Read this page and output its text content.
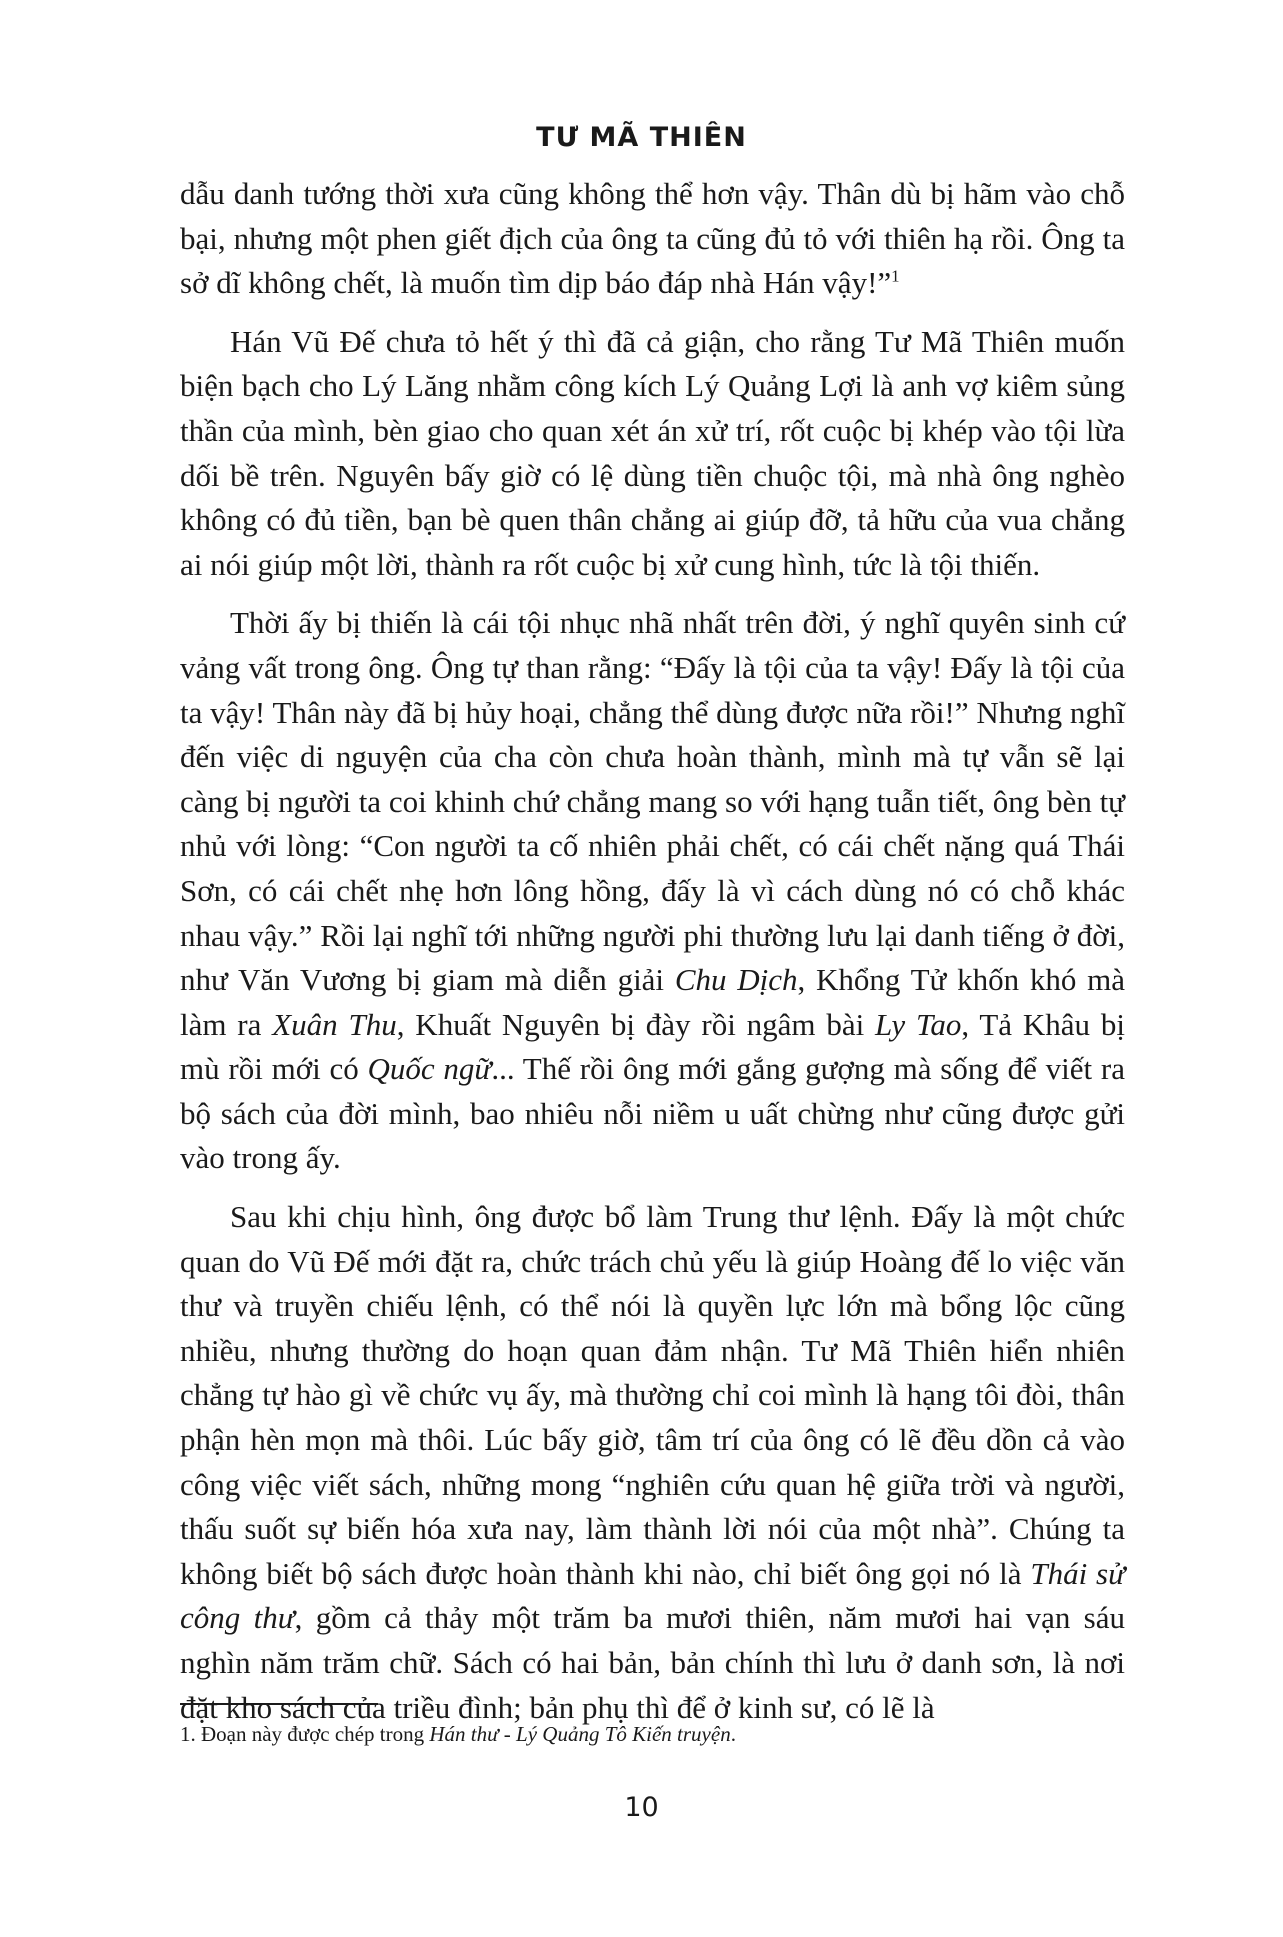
TƯ MÃ THIÊN

dẫu danh tướng thời xưa cũng không thể hơn vậy. Thân dù bị hãm vào chỗ bại, nhưng một phen giết địch của ông ta cũng đủ tỏ với thiên hạ rồi. Ông ta sở dĩ không chết, là muốn tìm dịp báo đáp nhà Hán vậy!”$^1$

Hán Vũ Đế chưa tỏ hết ý thì đã cả giận, cho rằng Tư Mã Thiên muốn biện bạch cho Lý Lăng nhằm công kích Lý Quảng Lợi là anh vợ kiêm sủng thần của mình, bèn giao cho quan xét án xử trí, rốt cuộc bị khép vào tội lừa dối bề trên. Nguyên bấy giờ có lệ dùng tiền chuộc tội, mà nhà ông nghèo không có đủ tiền, bạn bè quen thân chẳng ai giúp đỡ, tả hữu của vua chẳng ai nói giúp một lời, thành ra rốt cuộc bị xử cung hình, tức là tội thiến.

Thời ấy bị thiến là cái tội nhục nhã nhất trên đời, ý nghĩ quyên sinh cứ vảng vất trong ông. Ông tự than rằng: “Đấy là tội của ta vậy! Đấy là tội của ta vậy! Thân này đã bị hủy hoại, chẳng thể dùng được nữa rồi!” Nhưng nghĩ đến việc di nguyện của cha còn chưa hoàn thành, mình mà tự vẫn sẽ lại càng bị người ta coi khinh chứ chẳng mang so với hạng tuẫn tiết, ông bèn tự nhủ với lòng: “Con người ta cố nhiên phải chết, có cái chết nặng quá Thái Sơn, có cái chết nhẹ hơn lông hồng, đấy là vì cách dùng nó có chỗ khác nhau vậy.” Rồi lại nghĩ tới những người phi thường lưu lại danh tiếng ở đời, như Văn Vương bị giam mà diễn giải Chu Dịch, Khổng Tử khốn khó mà làm ra Xuân Thu, Khuất Nguyên bị đày rồi ngâm bài Ly Tao, Tả Khâu bị mù rồi mới có Quốc ngữ... Thế rồi ông mới gắng gượng mà sống để viết ra bộ sách của đời mình, bao nhiêu nỗi niềm u uất chừng như cũng được gửi vào trong ấy.

Sau khi chịu hình, ông được bổ làm Trung thư lệnh. Đấy là một chức quan do Vũ Đế mới đặt ra, chức trách chủ yếu là giúp Hoàng đế lo việc văn thư và truyền chiếu lệnh, có thể nói là quyền lực lớn mà bổng lộc cũng nhiều, nhưng thường do hoạn quan đảm nhận. Tư Mã Thiên hiển nhiên chẳng tự hào gì về chức vụ ấy, mà thường chỉ coi mình là hạng tôi đòi, thân phận hèn mọn mà thôi. Lúc bấy giờ, tâm trí của ông có lẽ đều dồn cả vào công việc viết sách, những mong “nghiên cứu quan hệ giữa trời và người, thấu suốt sự biến hóa xưa nay, làm thành lời nói của một nhà”. Chúng ta không biết bộ sách được hoàn thành khi nào, chỉ biết ông gọi nó là Thái sử công thư, gồm cả thảy một trăm ba mươi thiên, năm mươi hai vạn sáu nghìn năm trăm chữ. Sách có hai bản, bản chính thì lưu ở danh sơn, là nơi đặt kho sách của triều đình; bản phụ thì để ở kinh sư, có lẽ là

1. Đoạn này được chép trong Hán thư - Lý Quảng Tô Kiến truyện.
10
